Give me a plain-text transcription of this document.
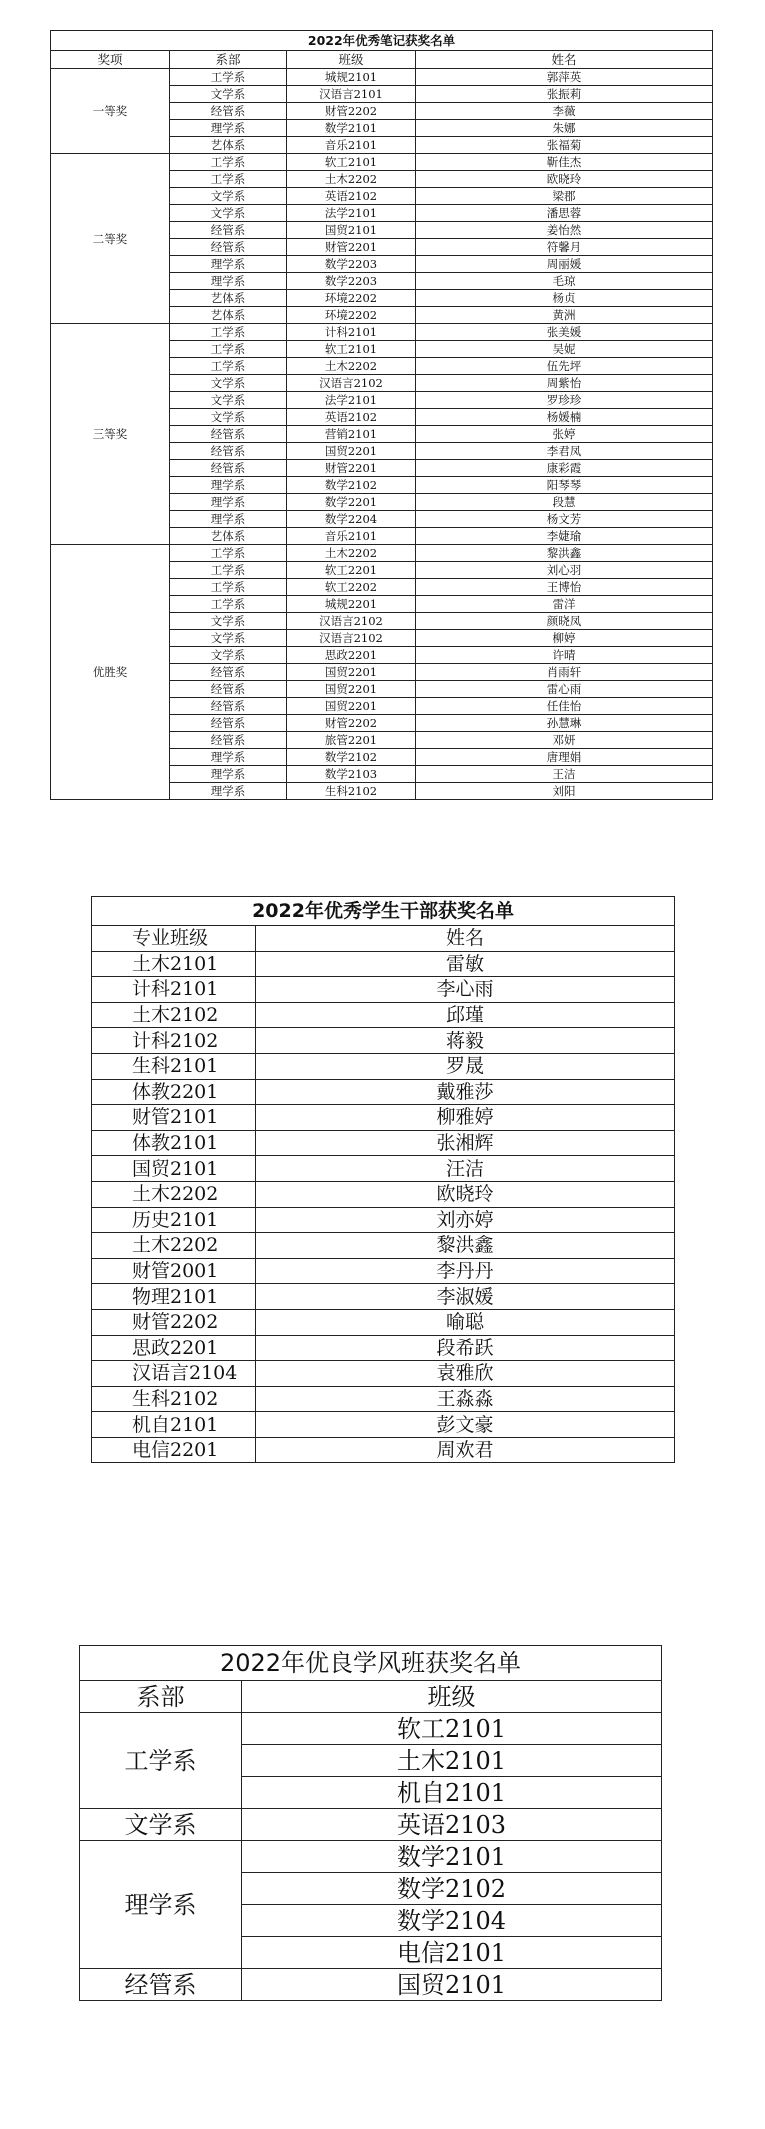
2022年优秀笔记获奖名单			
奖项	系部	班级	姓名
一等奖	工学系	城规2101	郭萍英
	文学系	汉语言2101	张振莉
	经管系	财管2202	李薇
	理学系	数学2101	朱娜
	艺体系	音乐2101	张福菊
二等奖	工学系	软工2101	靳佳杰
	工学系	土木2202	欧晓玲
	文学系	英语2102	梁郡
	文学系	法学2101	潘思蓉
	经管系	国贸2101	姜怡然
	经管系	财管2201	符馨月
	理学系	数学2203	周丽媛
	理学系	数学2203	毛琼
	艺体系	环境2202	杨贞
	艺体系	环境2202	黄洲
三等奖	工学系	计科2101	张美媛
	工学系	软工2101	吴妮
	工学系	土木2202	伍先坪
	文学系	汉语言2102	周紫怡
	文学系	法学2101	罗珍珍
	文学系	英语2102	杨媛楠
	经管系	营销2101	张婷
	经管系	国贸2201	李君凤
	经管系	财管2201	康彩霞
	理学系	数学2102	阳琴琴
	理学系	数学2201	段慧
	理学系	数学2204	杨文芳
	艺体系	音乐2101	李婕瑜
优胜奖	工学系	土木2202	黎洪鑫
	工学系	软工2201	刘心羽
	工学系	软工2202	王博怡
	工学系	城规2201	雷洋
	文学系	汉语言2102	颜晓凤
	文学系	汉语言2102	柳婷
	文学系	思政2201	许晴
	经管系	国贸2201	肖雨轩
	经管系	国贸2201	雷心雨
	经管系	国贸2201	任佳怡
	经管系	财管2202	孙慧琳
	经管系	旅管2201	邓妍
	理学系	数学2102	唐理娟
	理学系	数学2103	王洁
	理学系	生科2102	刘阳
2022年优秀学生干部获奖名单	
专业班级	姓名
土木2101	雷敏
计科2101	李心雨
土木2102	邱瑾
计科2102	蒋毅
生科2101	罗晟
体教2201	戴雅莎
财管2101	柳雅婷
体教2101	张湘辉
国贸2101	汪洁
土木2202	欧晓玲
历史2101	刘亦婷
土木2202	黎洪鑫
财管2001	李丹丹
物理2101	李淑媛
财管2202	喻聪
思政2201	段希跃
汉语言2104	袁雅欣
生科2102	王淼淼
机自2101	彭文豪
电信2201	周欢君
2022年优良学风班获奖名单	
系部	班级
工学系	软工2101
	土木2101
	机自2101
文学系	英语2103
理学系	数学2101
	数学2102
	数学2104
	电信2101
经管系	国贸2101
